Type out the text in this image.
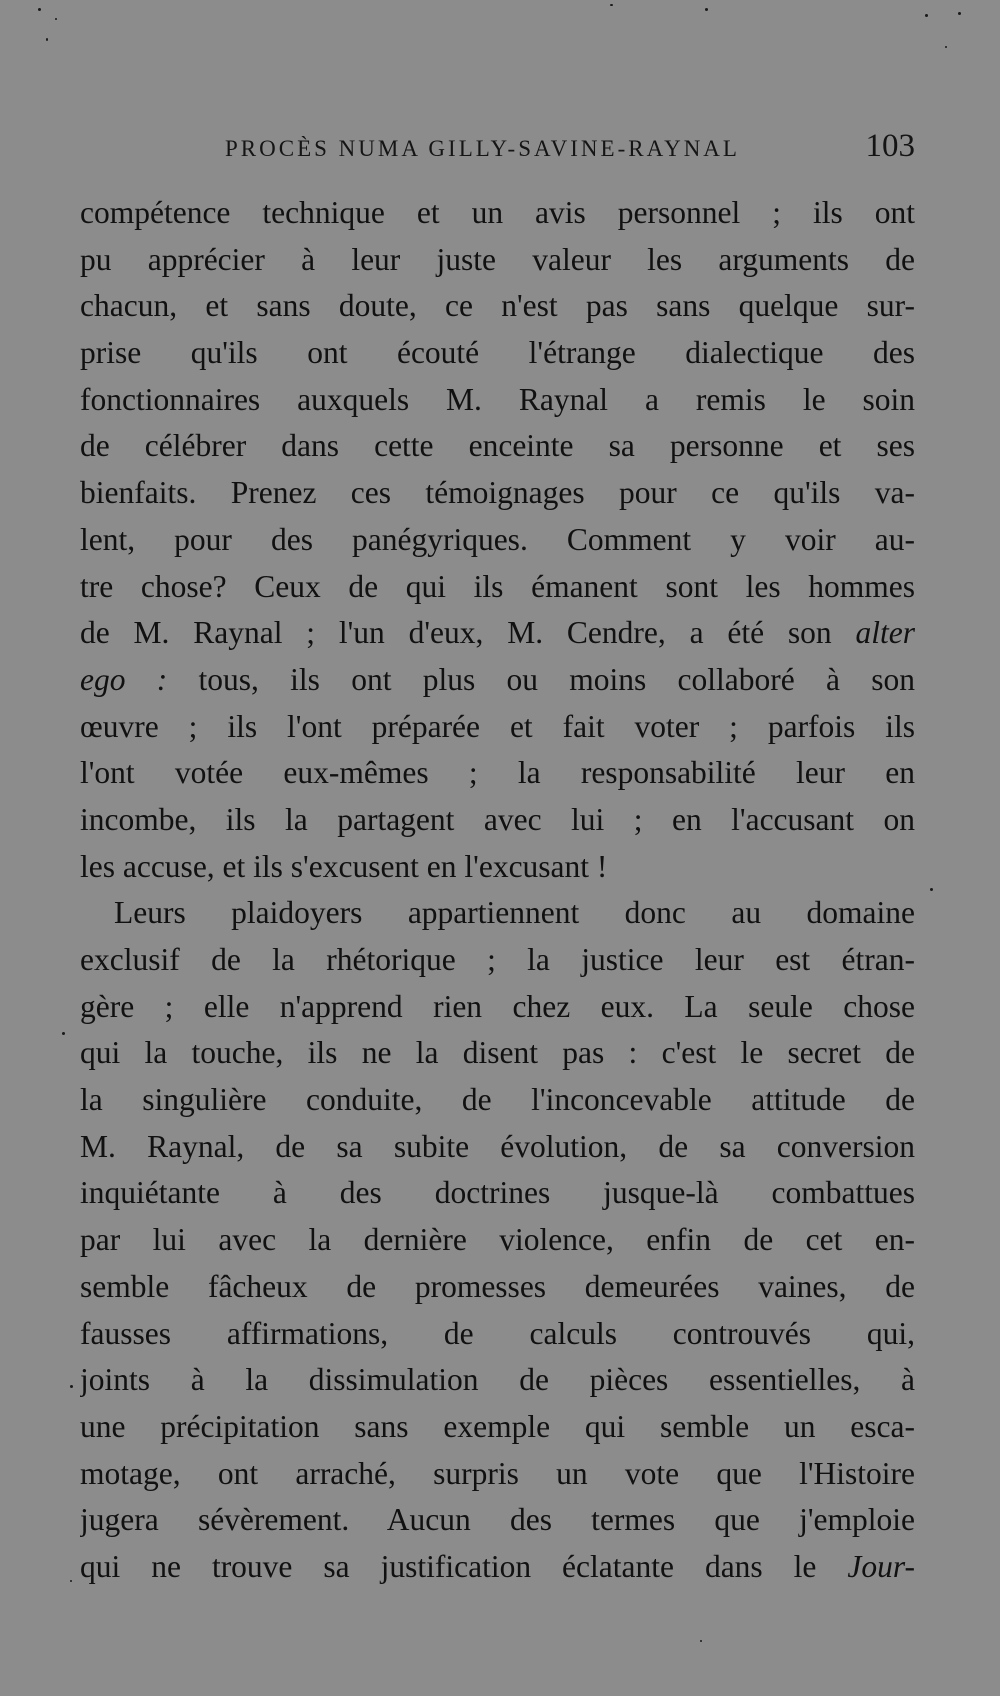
PROCÈS NUMA GILLY-SAVINE-RAYNAL	103
compétence technique et un avis personnel ; ils ont
pu apprécier à leur juste valeur les arguments de
chacun, et sans doute, ce n'est pas sans quelque sur-
prise qu'ils ont écouté l'étrange dialectique des
fonctionnaires auxquels M. Raynal a remis le soin
de célébrer dans cette enceinte sa personne et ses
bienfaits. Prenez ces témoignages pour ce qu'ils va-
lent, pour des panégyriques. Comment y voir au-
tre chose? Ceux de qui ils émanent sont les hommes
de M. Raynal ; l'un d'eux, M. Cendre, a été son alter
ego : tous, ils ont plus ou moins collaboré à son
œuvre ; ils l'ont préparée et fait voter ; parfois ils
l'ont votée eux-mêmes ; la responsabilité leur en
incombe, ils la partagent avec lui ; en l'accusant on
les accuse, et ils s'excusent en l'excusant !
Leurs plaidoyers appartiennent donc au domaine
exclusif de la rhétorique ; la justice leur est étran-
gère ; elle n'apprend rien chez eux. La seule chose
qui la touche, ils ne la disent pas : c'est le secret de
la singulière conduite, de l'inconcevable attitude de
M. Raynal, de sa subite évolution, de sa conversion
inquiétante à des doctrines jusque-là combattues
par lui avec la dernière violence, enfin de cet en-
semble fâcheux de promesses demeurées vaines, de
fausses affirmations, de calculs controuvés qui,
joints à la dissimulation de pièces essentielles, à
une précipitation sans exemple qui semble un esca-
motage, ont arraché, surpris un vote que l'Histoire
jugera sévèrement. Aucun des termes que j'emploie
qui ne trouve sa justification éclatante dans le Jour-
